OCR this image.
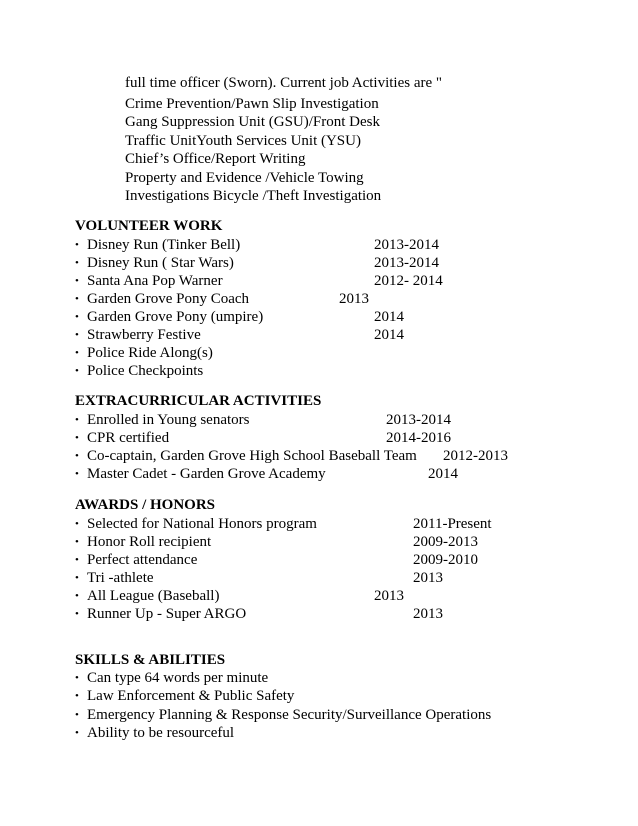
full time officer (Sworn). Current job Activities are "
Crime Prevention/Pawn Slip Investigation
Gang Suppression Unit (GSU)/Front Desk
Traffic UnitYouth Services Unit (YSU)
Chief’s Office/Report Writing
Property and Evidence /Vehicle Towing
Investigations Bicycle /Theft Investigation
VOLUNTEER WORK
• Disney Run (Tinker Bell)	2013-2014
• Disney Run ( Star Wars)	2013-2014
• Santa Ana Pop Warner	2012- 2014
• Garden Grove Pony Coach	2013
• Garden Grove Pony (umpire)	2014
• Strawberry Festive	2014
• Police Ride Along(s)
• Police Checkpoints
EXTRACURRICULAR ACTIVITIES
• Enrolled in Young senators	2013-2014
• CPR certified	2014-2016
• Co-captain, Garden Grove High School Baseball Team 2012-2013
• Master Cadet - Garden Grove Academy	2014
AWARDS / HONORS
• Selected for National Honors program	2011-Present
• Honor Roll recipient	2009-2013
• Perfect attendance	2009-2010
• Tri -athlete	2013
• All League (Baseball)	2013
• Runner Up - Super ARGO	2013
SKILLS & ABILITIES
• Can type 64 words per minute
• Law Enforcement & Public Safety
• Emergency Planning & Response Security/Surveillance Operations
• Ability to be resourceful
